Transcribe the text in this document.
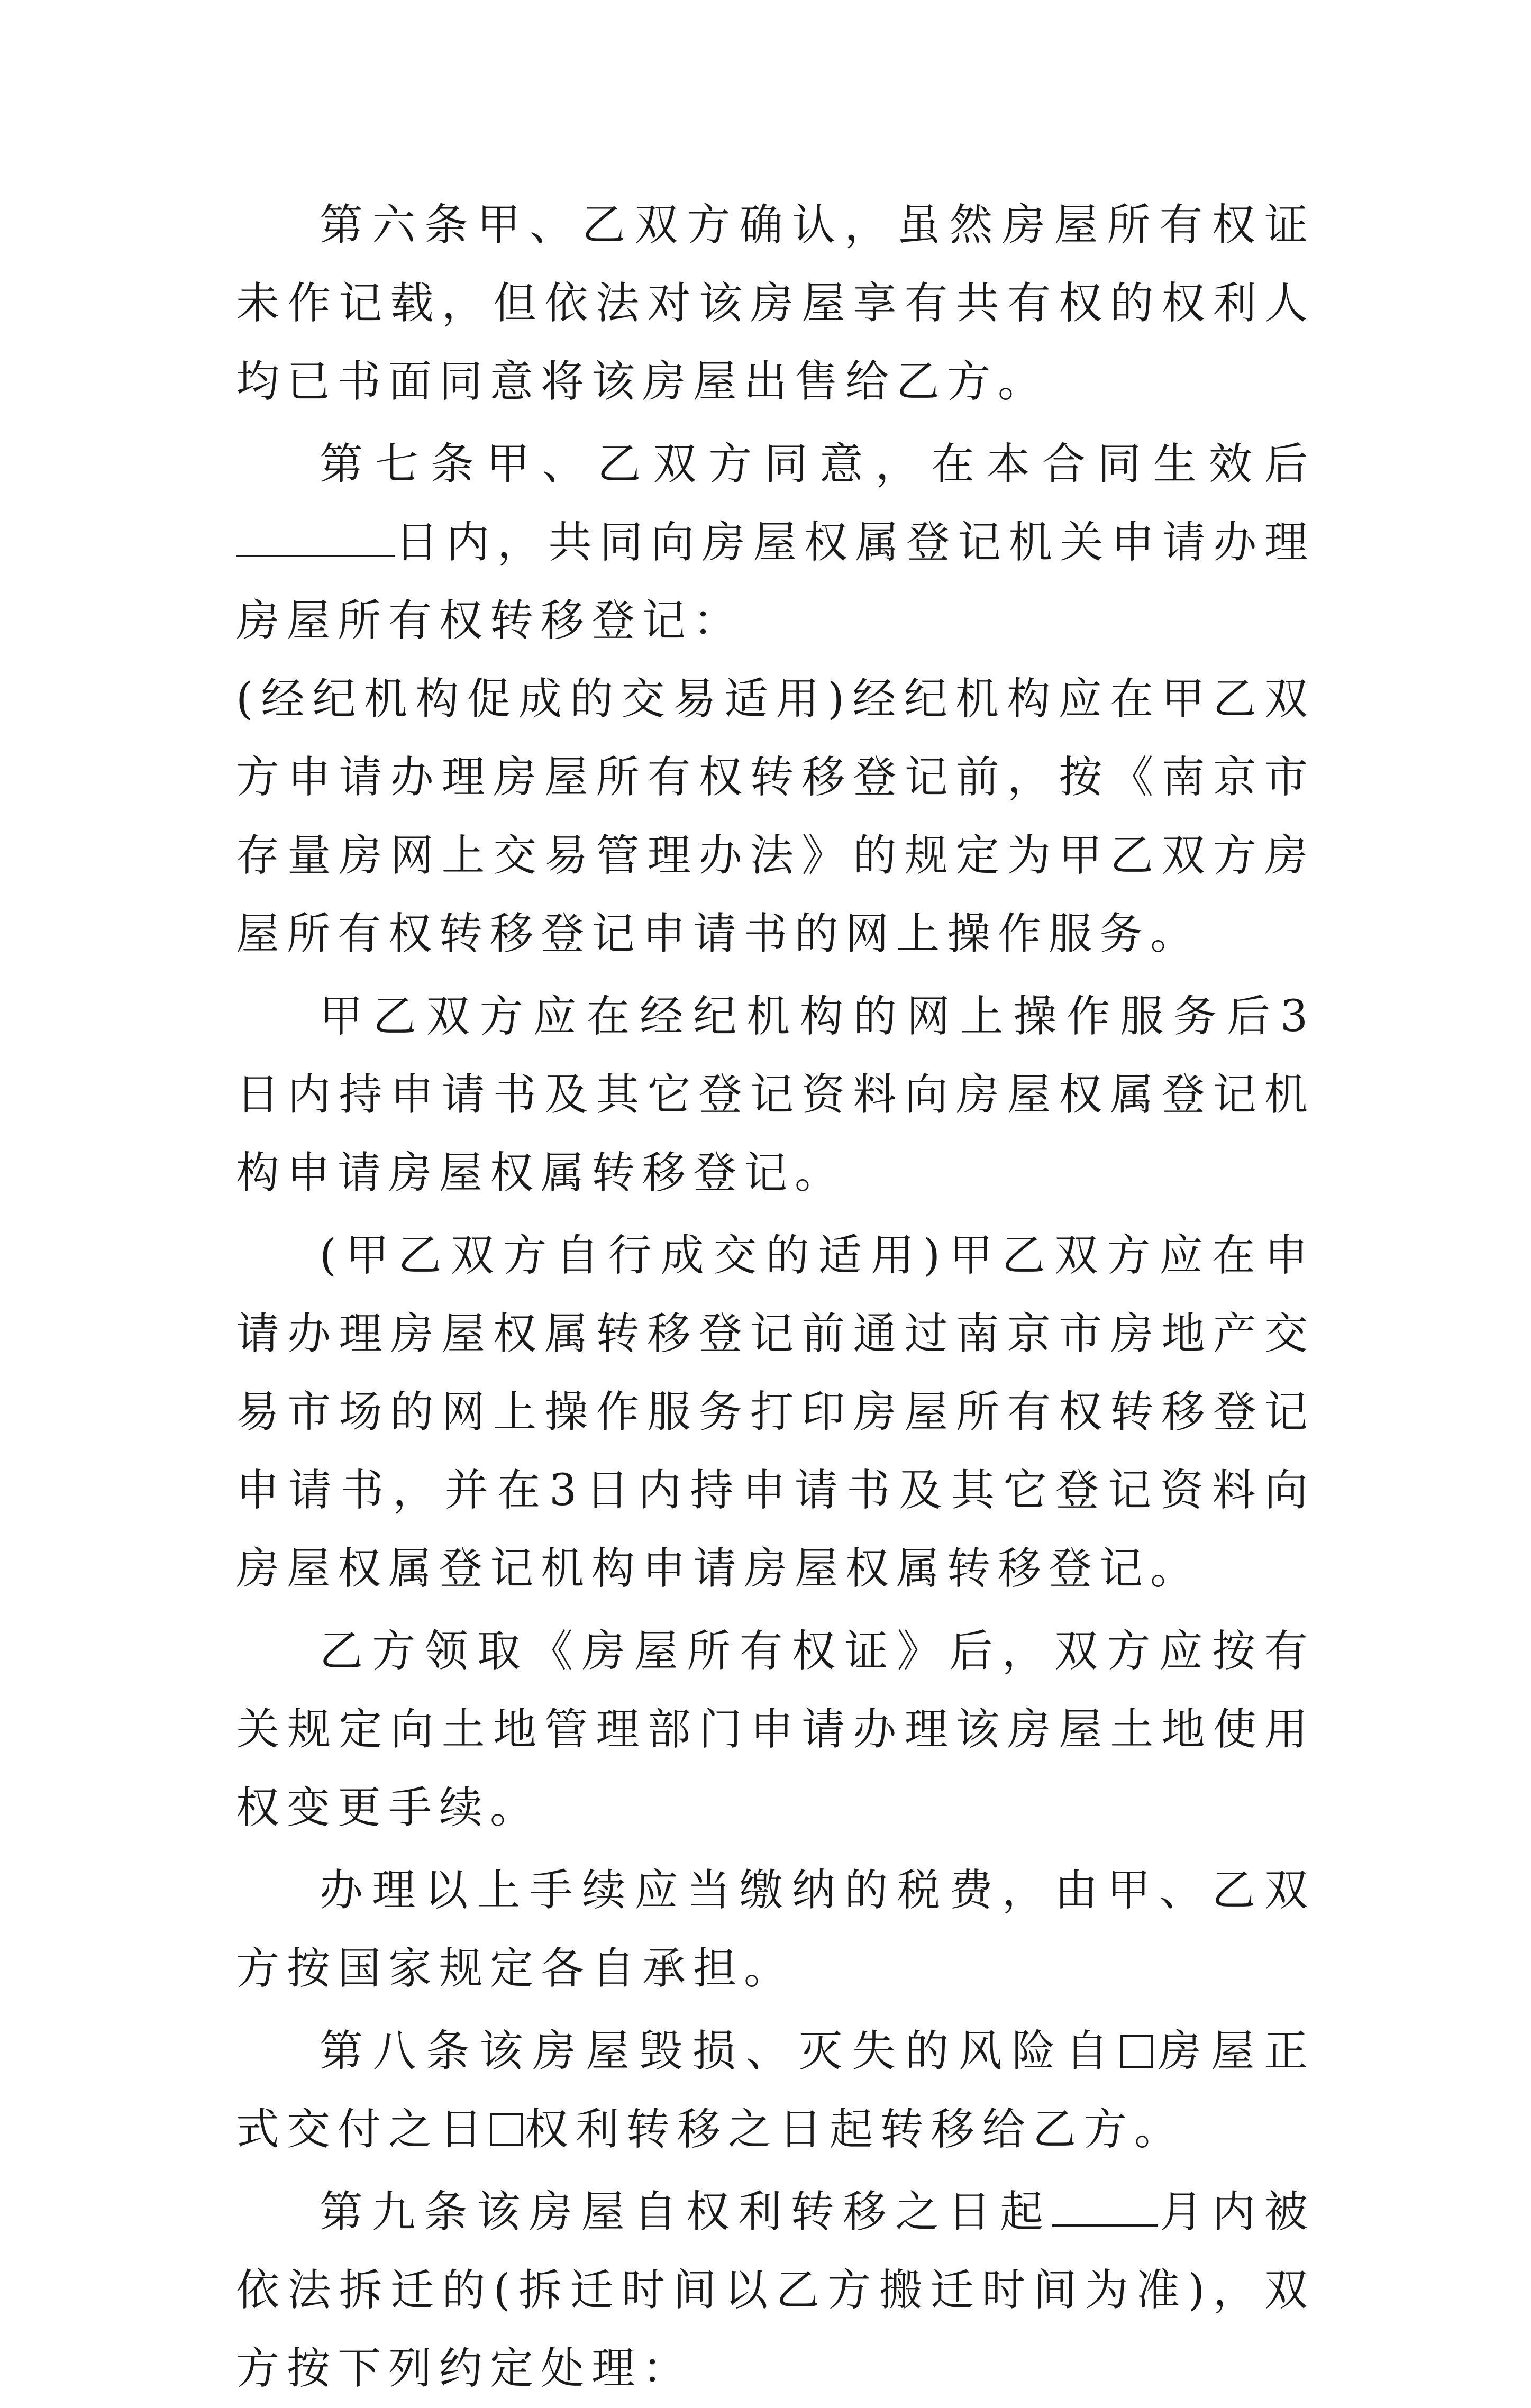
第六条甲、乙双方确认，虽然房屋所有权证未作记载，但依法对该房屋享有共有权的权利人均已书面同意将该房屋出售给乙方。

第七条甲、乙双方同意，在本合同生效后日内，共同向房屋权属登记机关申请办理房屋所有权转移登记：

(经纪机构促成的交易适用)经纪机构应在甲乙双方申请办理房屋所有权转移登记前，按《南京市存量房网上交易管理办法》的规定为甲乙双方房屋所有权转移登记申请书的网上操作服务。

甲乙双方应在经纪机构的网上操作服务后3日内持申请书及其它登记资料向房屋权属登记机构申请房屋权属转移登记。

(甲乙双方自行成交的适用)甲乙双方应在申请办理房屋权属转移登记前通过南京市房地产交易市场的网上操作服务打印房屋所有权转移登记申请书，并在3日内持申请书及其它登记资料向房屋权属登记机构申请房屋权属转移登记。

乙方领取《房屋所有权证》后，双方应按有关规定向土地管理部门申请办理该房屋土地使用权变更手续。

办理以上手续应当缴纳的税费，由甲、乙双方按国家规定各自承担。

第八条该房屋毁损、灭失的风险自 房屋正式交付之日 权利转移之日起转移给乙方。

第九条该房屋自权利转移之日起 月内被依法拆迁的(拆迁时间以乙方搬迁时间为准)，双方按下列约定处理：
